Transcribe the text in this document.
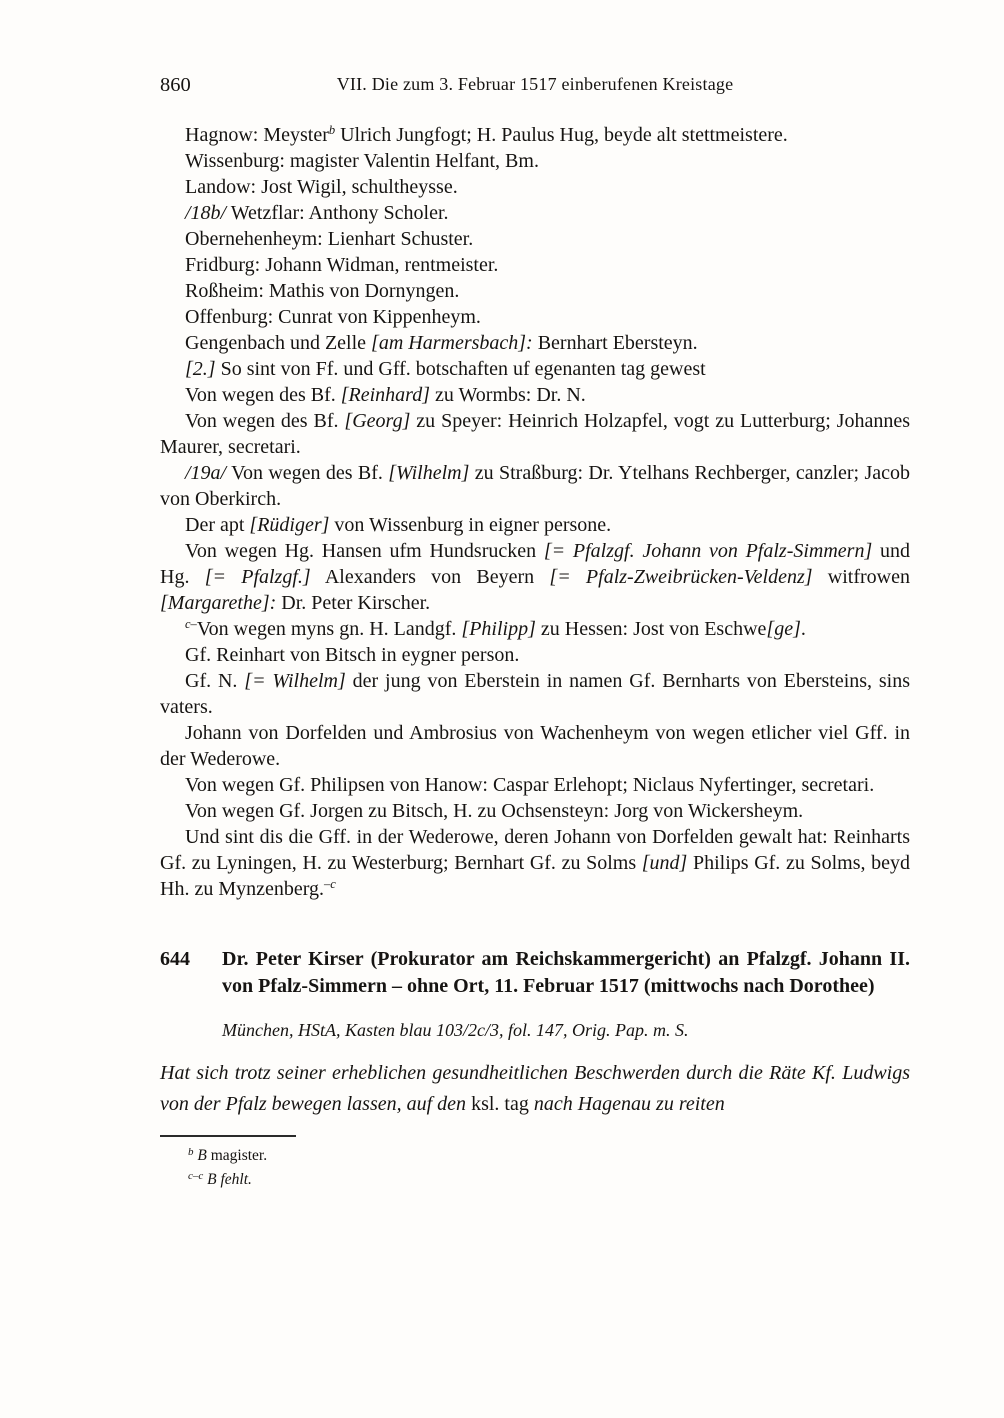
860	VII. Die zum 3. Februar 1517 einberufenen Kreistage

Hagnow: Meyster$^b$ Ulrich Jungfogt; H. Paulus Hug, beyde alt stettmeistere.

Wissenburg: magister Valentin Helfant, Bm.

Landow: Jost Wigil, schultheysse.

/18b/ Wetzflar: Anthony Scholer.

Obernehenheym: Lienhart Schuster.

Fridburg: Johann Widman, rentmeister.

Roßheim: Mathis von Dornyngen.

Offenburg: Cunrat von Kippenheym.

Gengenbach und Zelle [am Harmersbach]: Bernhart Ebersteyn.

[2.] So sint von Ff. und Gff. botschaften uf egenanten tag gewest

Von wegen des Bf. [Reinhard] zu Wormbs: Dr. N.

Von wegen des Bf. [Georg] zu Speyer: Heinrich Holzapfel, vogt zu Lutterburg; Johannes Maurer, secretari.

/19a/ Von wegen des Bf. [Wilhelm] zu Straßburg: Dr. Ytelhans Rechberger, canzler; Jacob von Oberkirch.

Der apt [Rüdiger] von Wissenburg in eigner persone.

Von wegen Hg. Hansen ufm Hundsrucken [= Pfalzgf. Johann von Pfalz-Simmern] und Hg. [= Pfalzgf.] Alexanders von Beyern [= Pfalz-Zweibrücken-Veldenz] witfrowen [Margarethe]: Dr. Peter Kirscher.

$^{c-}$Von wegen myns gn. H. Landgf. [Philipp] zu Hessen: Jost von Eschwe[ge].

Gf. Reinhart von Bitsch in eygner person.

Gf. N. [= Wilhelm] der jung von Eberstein in namen Gf. Bernharts von Ebersteins, sins vaters.

Johann von Dorfelden und Ambrosius von Wachenheym von wegen etlicher viel Gff. in der Wederowe.

Von wegen Gf. Philipsen von Hanow: Caspar Erlehopt; Niclaus Nyfertinger, secretari.

Von wegen Gf. Jorgen zu Bitsch, H. zu Ochsensteyn: Jorg von Wickersheym.

Und sint dis die Gff. in der Wederowe, deren Johann von Dorfelden gewalt hat: Reinharts Gf. zu Lyningen, H. zu Westerburg; Bernhart Gf. zu Solms [und] Philips Gf. zu Solms, beyd Hh. zu Mynzenberg.$^{-c}$

644	Dr. Peter Kirser (Prokurator am Reichskammergericht) an Pfalzgf. Johann II. von Pfalz-Simmern – ohne Ort, 11. Februar 1517 (mittwochs nach Dorothee)

München, HStA, Kasten blau 103/2c/3, fol. 147, Orig. Pap. m. S.

Hat sich trotz seiner erheblichen gesundheitlichen Beschwerden durch die Räte Kf. Ludwigs von der Pfalz bewegen lassen, auf den ksl. tag nach Hagenau zu reiten

$^b$ B magister.

$^{c-c}$ B fehlt.
